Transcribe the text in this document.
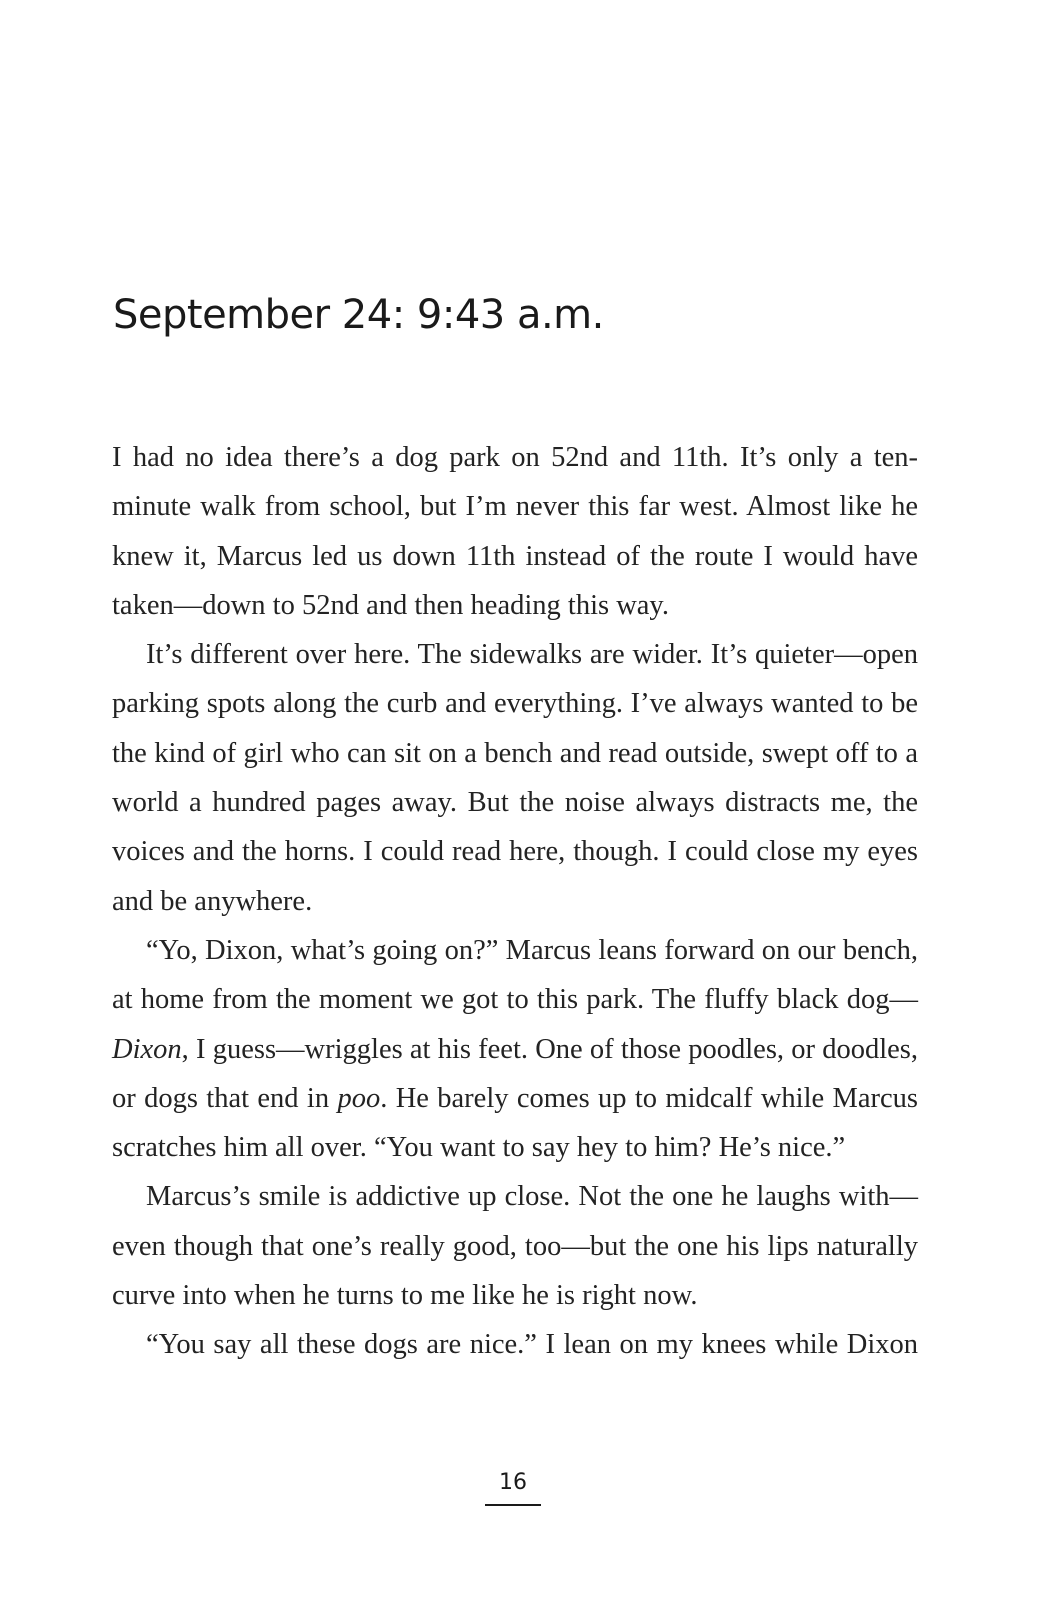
September 24: 9:43 a.m.

I had no idea there’s a dog park on 52nd and 11th. It’s only a ten-minute walk from school, but I’m never this far west. Almost like he knew it, Marcus led us down 11th instead of the route I would have taken—down to 52nd and then heading this way.

It’s different over here. The sidewalks are wider. It’s quieter—open parking spots along the curb and everything. I’ve always wanted to be the kind of girl who can sit on a bench and read outside, swept off to a world a hundred pages away. But the noise always distracts me, the voices and the horns. I could read here, though. I could close my eyes and be anywhere.

“Yo, Dixon, what’s going on?” Marcus leans forward on our bench, at home from the moment we got to this park. The fluffy black dog—Dixon, I guess—wriggles at his feet. One of those poodles, or doodles, or dogs that end in poo. He barely comes up to midcalf while Marcus scratches him all over. “You want to say hey to him? He’s nice.”

Marcus’s smile is addictive up close. Not the one he laughs with—even though that one’s really good, too—but the one his lips naturally curve into when he turns to me like he is right now.

“You say all these dogs are nice.” I lean on my knees while Dixon

16
